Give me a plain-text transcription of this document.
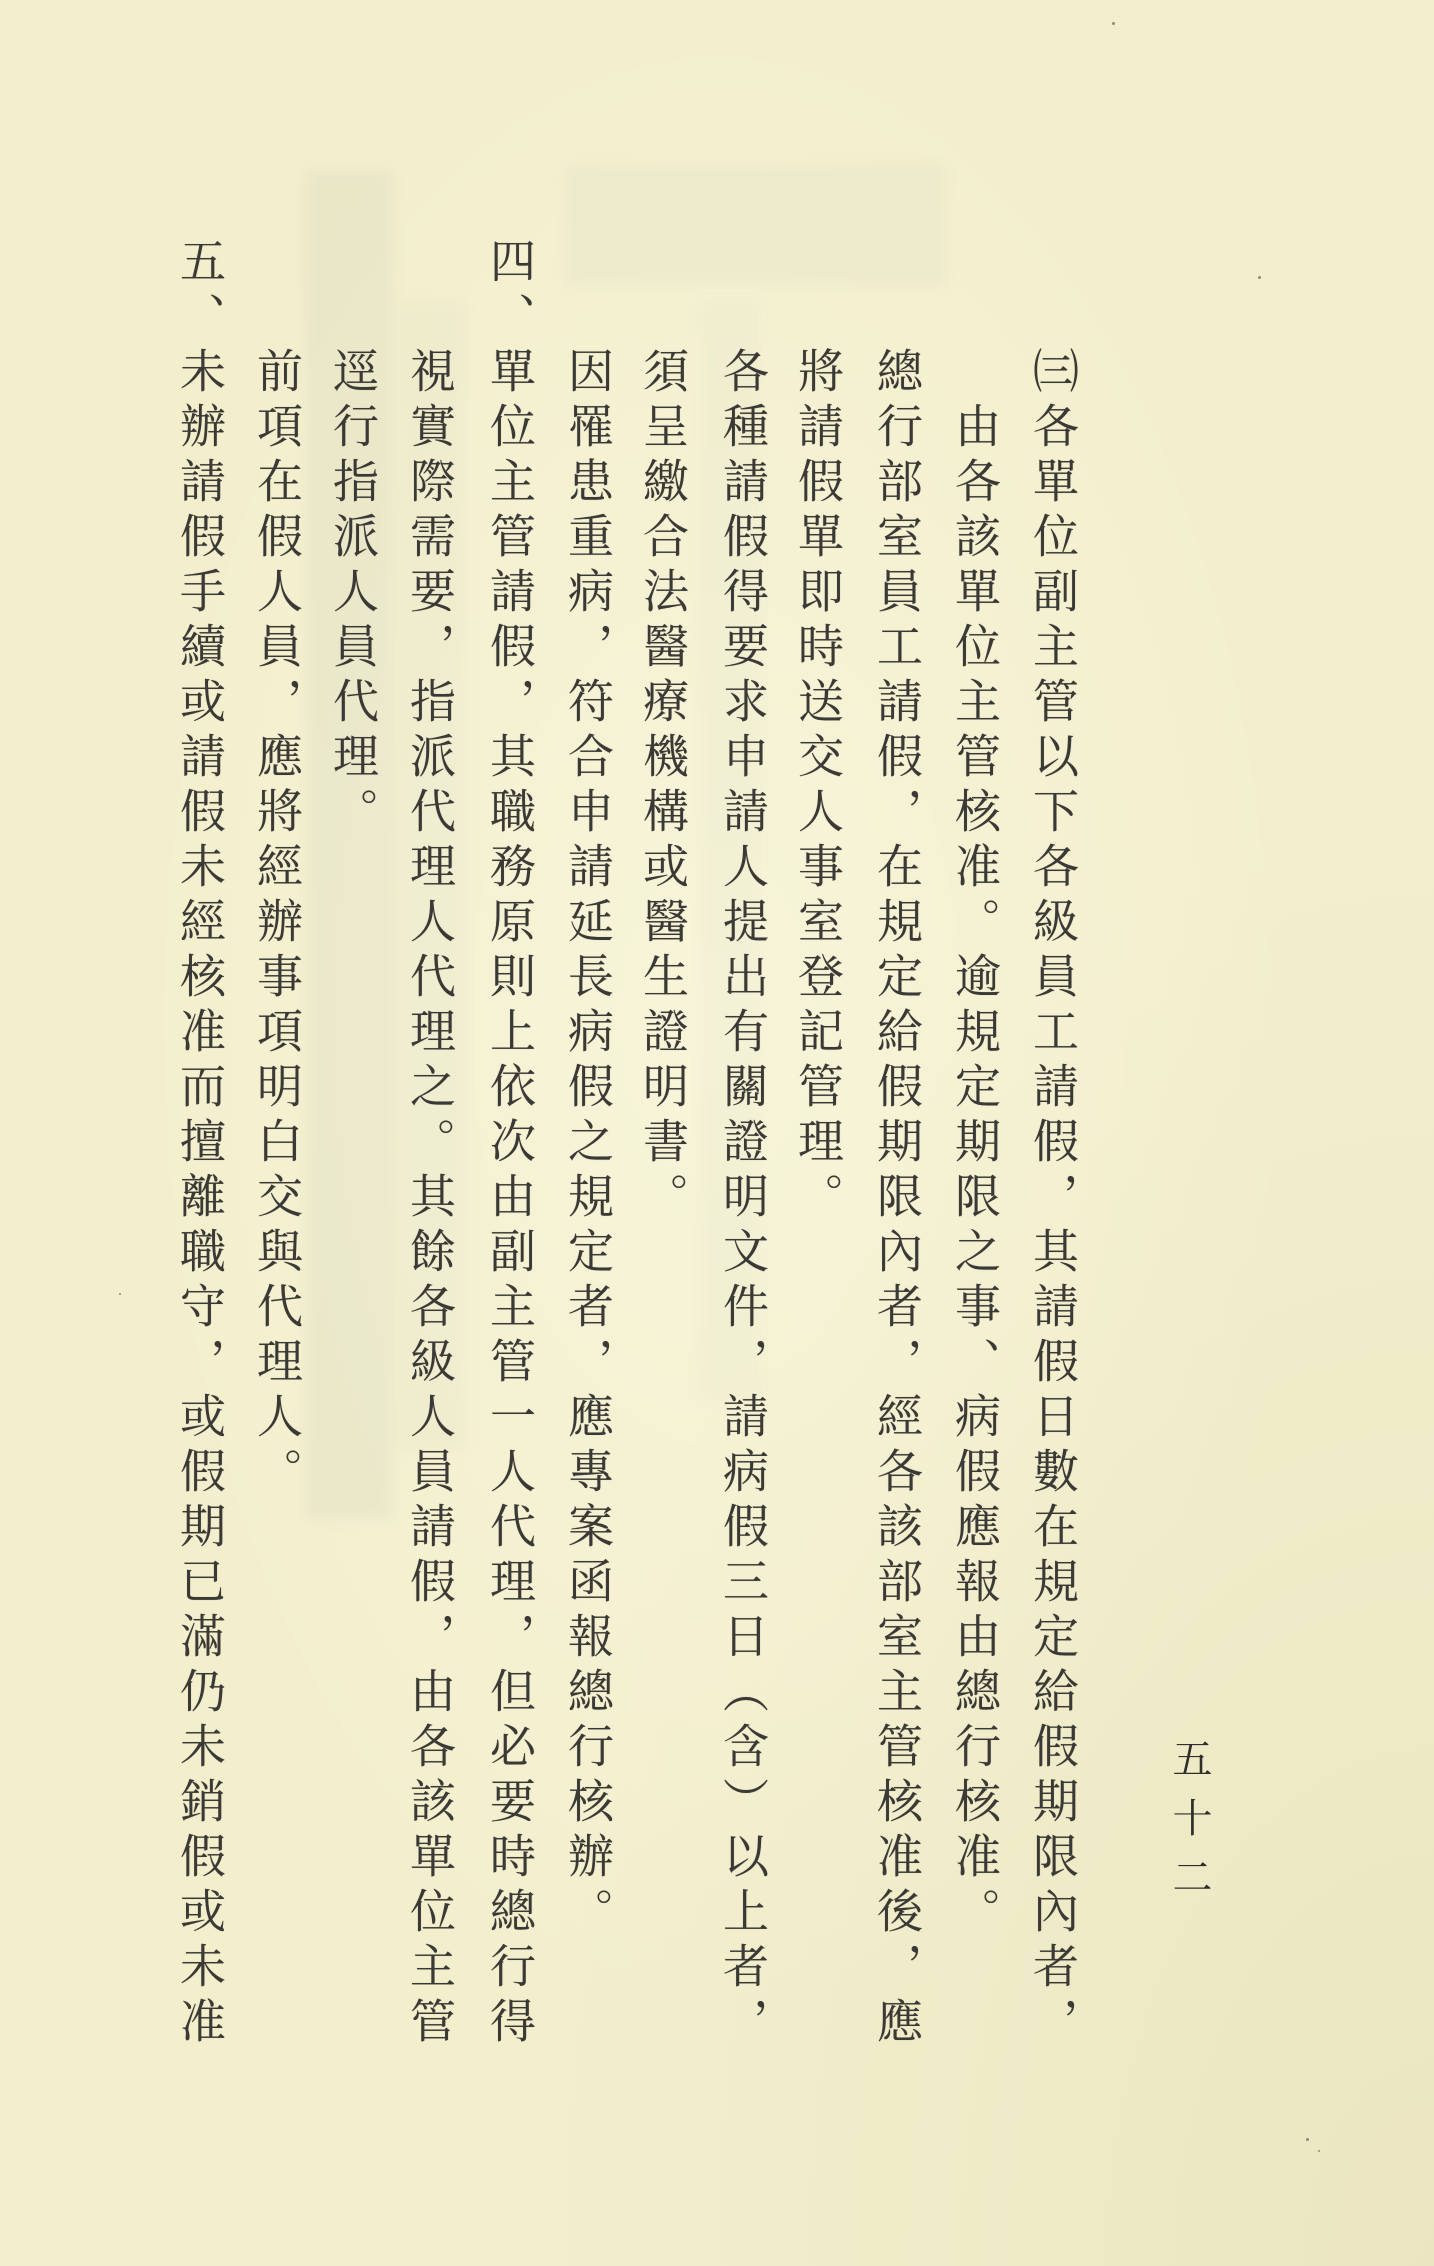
㈢各單位副主管以下各級員工請假，其請假日數在規定給假期限內者，
由各該單位主管核准。逾規定期限之事、病假應報由總行核准。
總行部室員工請假，在規定給假期限內者，經各該部室主管核准後，應
將請假單即時送交人事室登記管理。
各種請假得要求申請人提出有關證明文件，請病假三日（含）以上者，
須呈繳合法醫療機構或醫生證明書。
因罹患重病，符合申請延長病假之規定者，應專案函報總行核辦。
四、單位主管請假，其職務原則上依次由副主管一人代理，但必要時總行得
視實際需要，指派代理人代理之。其餘各級人員請假，由各該單位主管
逕行指派人員代理。
前項在假人員，應將經辦事項明白交與代理人。
五、未辦請假手續或請假未經核准而擅離職守，或假期已滿仍未銷假或未准	五十二
